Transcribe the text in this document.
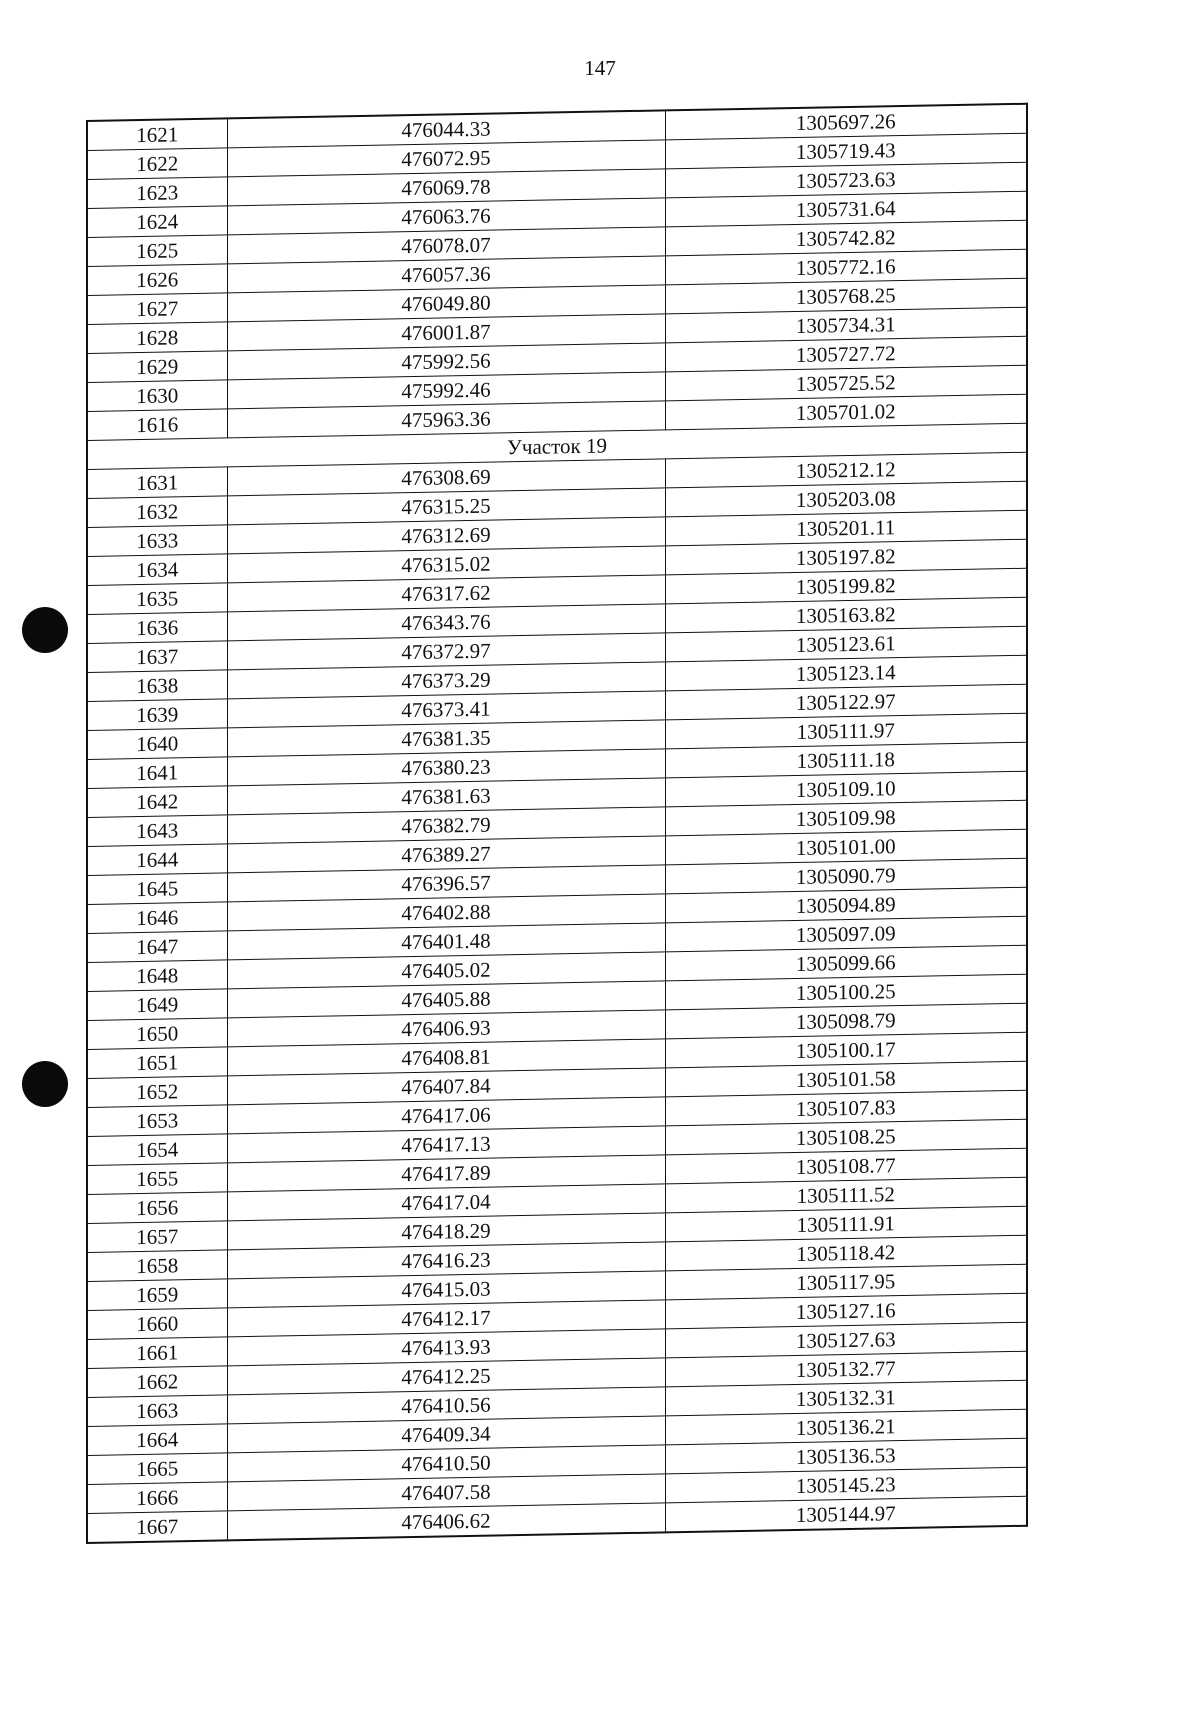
147
1621	476044.33	1305697.26
1622	476072.95	1305719.43
1623	476069.78	1305723.63
1624	476063.76	1305731.64
1625	476078.07	1305742.82
1626	476057.36	1305772.16
1627	476049.80	1305768.25
1628	476001.87	1305734.31
1629	475992.56	1305727.72
1630	475992.46	1305725.52
1616	475963.36	1305701.02
Участок 19		
1631	476308.69	1305212.12
1632	476315.25	1305203.08
1633	476312.69	1305201.11
1634	476315.02	1305197.82
1635	476317.62	1305199.82
1636	476343.76	1305163.82
1637	476372.97	1305123.61
1638	476373.29	1305123.14
1639	476373.41	1305122.97
1640	476381.35	1305111.97
1641	476380.23	1305111.18
1642	476381.63	1305109.10
1643	476382.79	1305109.98
1644	476389.27	1305101.00
1645	476396.57	1305090.79
1646	476402.88	1305094.89
1647	476401.48	1305097.09
1648	476405.02	1305099.66
1649	476405.88	1305100.25
1650	476406.93	1305098.79
1651	476408.81	1305100.17
1652	476407.84	1305101.58
1653	476417.06	1305107.83
1654	476417.13	1305108.25
1655	476417.89	1305108.77
1656	476417.04	1305111.52
1657	476418.29	1305111.91
1658	476416.23	1305118.42
1659	476415.03	1305117.95
1660	476412.17	1305127.16
1661	476413.93	1305127.63
1662	476412.25	1305132.77
1663	476410.56	1305132.31
1664	476409.34	1305136.21
1665	476410.50	1305136.53
1666	476407.58	1305145.23
1667	476406.62	1305144.97
